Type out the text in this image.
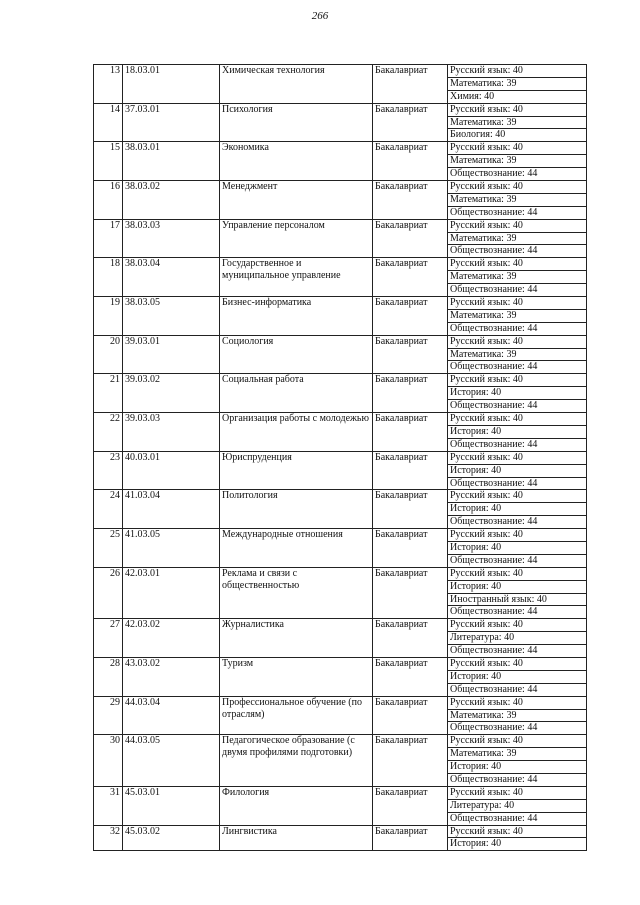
266
13	18.03.01	Химическая технология	Бакалавриат	Русский язык: 40
				Математика: 39
				Химия: 40
14	37.03.01	Психология	Бакалавриат	Русский язык: 40
				Математика: 39
				Биология: 40
15	38.03.01	Экономика	Бакалавриат	Русский язык: 40
				Математика: 39
				Обществознание: 44
16	38.03.02	Менеджмент	Бакалавриат	Русский язык: 40
				Математика: 39
				Обществознание: 44
17	38.03.03	Управление персоналом	Бакалавриат	Русский язык: 40
				Математика: 39
				Обществознание: 44
18	38.03.04	Государственное и муниципальное управление	Бакалавриат	Русский язык: 40
				Математика: 39
				Обществознание: 44
19	38.03.05	Бизнес-информатика	Бакалавриат	Русский язык: 40
				Математика: 39
				Обществознание: 44
20	39.03.01	Социология	Бакалавриат	Русский язык: 40
				Математика: 39
				Обществознание: 44
21	39.03.02	Социальная работа	Бакалавриат	Русский язык: 40
				История: 40
				Обществознание: 44
22	39.03.03	Организация работы с молодежью	Бакалавриат	Русский язык: 40
				История: 40
				Обществознание: 44
23	40.03.01	Юриспруденция	Бакалавриат	Русский язык: 40
				История: 40
				Обществознание: 44
24	41.03.04	Политология	Бакалавриат	Русский язык: 40
				История: 40
				Обществознание: 44
25	41.03.05	Международные отношения	Бакалавриат	Русский язык: 40
				История: 40
				Обществознание: 44
26	42.03.01	Реклама и связи с общественностью	Бакалавриат	Русский язык: 40
				История: 40
				Иностранный язык: 40
				Обществознание: 44
27	42.03.02	Журналистика	Бакалавриат	Русский язык: 40
				Литература: 40
				Обществознание: 44
28	43.03.02	Туризм	Бакалавриат	Русский язык: 40
				История: 40
				Обществознание: 44
29	44.03.04	Профессиональное обучение (по отраслям)	Бакалавриат	Русский язык: 40
				Математика: 39
				Обществознание: 44
30	44.03.05	Педагогическое образование (с двумя профилями подготовки)	Бакалавриат	Русский язык: 40
				Математика: 39
				История: 40
				Обществознание: 44
31	45.03.01	Филология	Бакалавриат	Русский язык: 40
				Литература: 40
				Обществознание: 44
32	45.03.02	Лингвистика	Бакалавриат	Русский язык: 40
				История: 40
